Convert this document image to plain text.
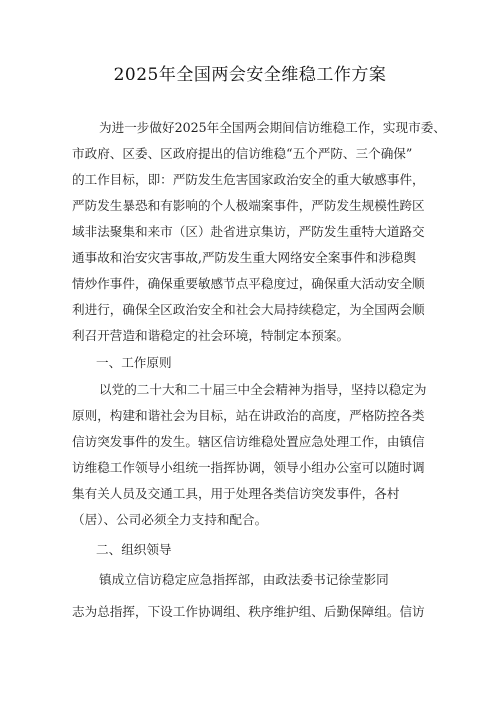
2025年全国两会安全维稳工作方案
为进一步做好2025年全国两会期间信访维稳工作，实现市委、
市政府、区委、区政府提出的信访维稳“五个严防、三个确保”
的工作目标，即：严防发生危害国家政治安全的重大敏感事件，
严防发生暴恐和有影响的个人极端案事件，严防发生规模性跨区
域非法聚集和来市（区）赴省进京集访，严防发生重特大道路交
通事故和治安灾害事故,严防发生重大网络安全案事件和涉稳舆
情炒作事件，确保重要敏感节点平稳度过，确保重大活动安全顺
利进行，确保全区政治安全和社会大局持续稳定，为全国两会顺
利召开营造和谐稳定的社会环境，特制定本预案。
一、工作原则
以党的二十大和二十届三中全会精神为指导，坚持以稳定为
原则，构建和谐社会为目标，站在讲政治的高度，严格防控各类
信访突发事件的发生。辖区信访维稳处置应急处理工作，由镇信
访维稳工作领导小组统一指挥协调，领导小组办公室可以随时调
集有关人员及交通工具，用于处理各类信访突发事件，各村
（居）、公司必须全力支持和配合。
二、组织领导
镇成立信访稳定应急指挥部，由政法委书记徐莹影同
志为总指挥，下设工作协调组、秩序维护组、后勤保障组。信访
